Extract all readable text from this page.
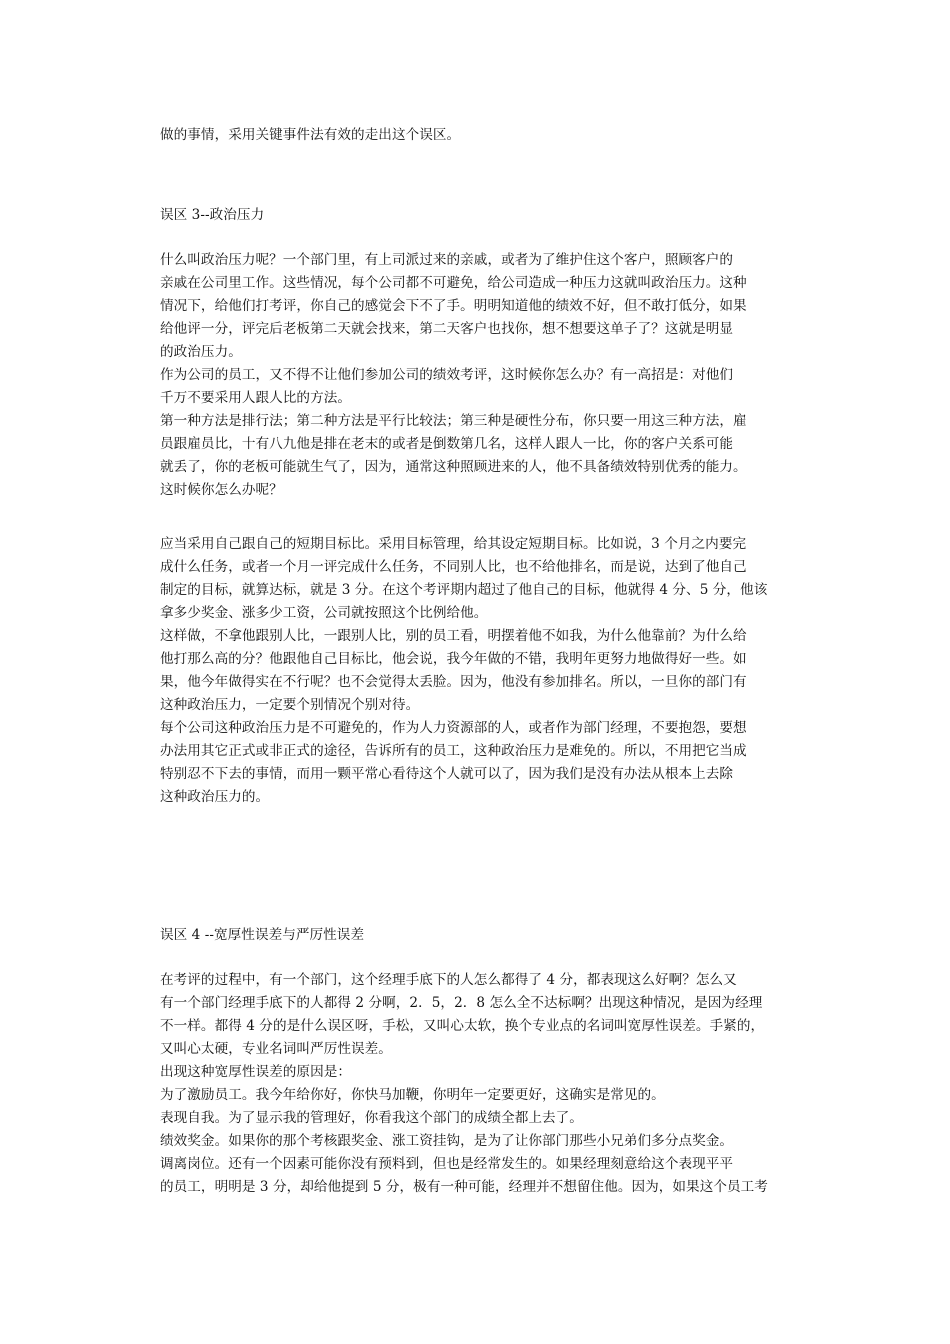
做的事情，采用关键事件法有效的走出这个误区。
误区 3--政治压力
什么叫政治压力呢？一个部门里，有上司派过来的亲戚，或者为了维护住这个客户，照顾客户的
亲戚在公司里工作。这些情况，每个公司都不可避免，给公司造成一种压力这就叫政治压力。这种
情况下，给他们打考评，你自己的感觉会下不了手。明明知道他的绩效不好，但不敢打低分，如果
给他评一分，评完后老板第二天就会找来，第二天客户也找你，想不想要这单子了？这就是明显
的政治压力。
作为公司的员工，又不得不让他们参加公司的绩效考评，这时候你怎么办？有一高招是：对他们
千万不要采用人跟人比的方法。
第一种方法是排行法；第二种方法是平行比较法；第三种是硬性分布，你只要一用这三种方法，雇
员跟雇员比，十有八九他是排在老末的或者是倒数第几名，这样人跟人一比，你的客户关系可能
就丢了，你的老板可能就生气了，因为，通常这种照顾进来的人，他不具备绩效特别优秀的能力。
这时候你怎么办呢？
应当采用自己跟自己的短期目标比。采用目标管理，给其设定短期目标。比如说，3 个月之内要完
成什么任务，或者一个月一评完成什么任务，不同别人比，也不给他排名，而是说，达到了他自己
制定的目标，就算达标，就是 3 分。在这个考评期内超过了他自己的目标，他就得 4 分、5 分，他该
拿多少奖金、涨多少工资，公司就按照这个比例给他。
这样做，不拿他跟别人比，一跟别人比，别的员工看，明摆着他不如我，为什么他靠前？为什么给
他打那么高的分？他跟他自己目标比，他会说，我今年做的不错，我明年更努力地做得好一些。如
果，他今年做得实在不行呢？也不会觉得太丢脸。因为，他没有参加排名。所以，一旦你的部门有
这种政治压力，一定要个别情况个别对待。
每个公司这种政治压力是不可避免的，作为人力资源部的人，或者作为部门经理，不要抱怨，要想
办法用其它正式或非正式的途径，告诉所有的员工，这种政治压力是难免的。所以，不用把它当成
特别忍不下去的事情，而用一颗平常心看待这个人就可以了，因为我们是没有办法从根本上去除
这种政治压力的。
误区 4 --宽厚性误差与严厉性误差
在考评的过程中，有一个部门，这个经理手底下的人怎么都得了 4 分，都表现这么好啊？怎么又
有一个部门经理手底下的人都得 2 分啊，2．5，2．8 怎么全不达标啊？出现这种情况，是因为经理
不一样。都得 4 分的是什么误区呀，手松，又叫心太软，换个专业点的名词叫宽厚性误差。手紧的，
又叫心太硬，专业名词叫严厉性误差。
出现这种宽厚性误差的原因是：
为了激励员工。我今年给你好，你快马加鞭，你明年一定要更好，这确实是常见的。
表现自我。为了显示我的管理好，你看我这个部门的成绩全都上去了。
绩效奖金。如果你的那个考核跟奖金、涨工资挂钩，是为了让你部门那些小兄弟们多分点奖金。
调离岗位。还有一个因素可能你没有预料到，但也是经常发生的。如果经理刻意给这个表现平平
的员工，明明是 3 分，却给他提到 5 分，极有一种可能，经理并不想留住他。因为，如果这个员工考
